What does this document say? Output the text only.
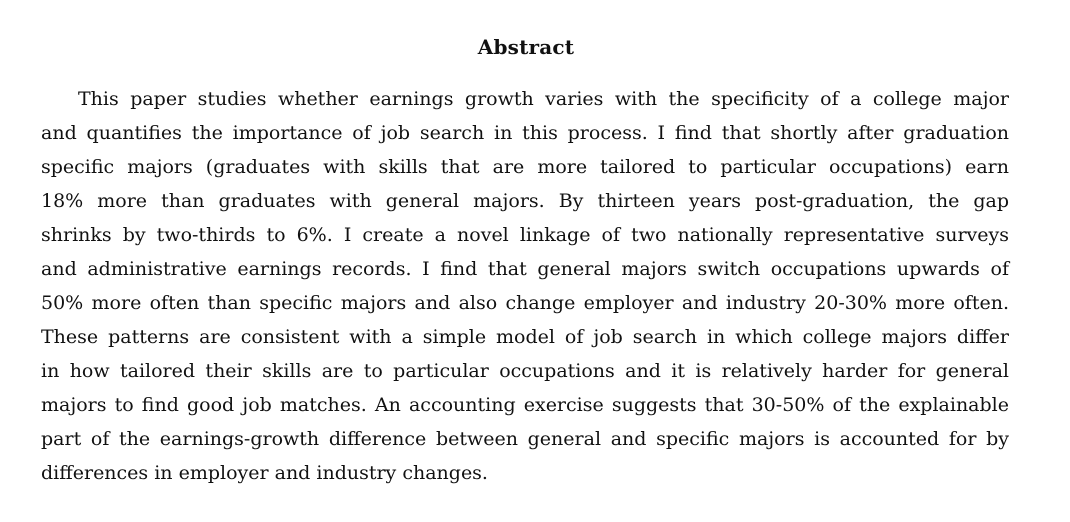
Abstract
This paper studies whether earnings growth varies with the specificity of a college major
and quantifies the importance of job search in this process. I find that shortly after graduation
specific majors (graduates with skills that are more tailored to particular occupations) earn
18% more than graduates with general majors. By thirteen years post-graduation, the gap
shrinks by two-thirds to 6%. I create a novel linkage of two nationally representative surveys
and administrative earnings records. I find that general majors switch occupations upwards of
50% more often than specific majors and also change employer and industry 20-30% more often.
These patterns are consistent with a simple model of job search in which college majors differ
in how tailored their skills are to particular occupations and it is relatively harder for general
majors to find good job matches. An accounting exercise suggests that 30-50% of the explainable
part of the earnings-growth difference between general and specific majors is accounted for by
differences in employer and industry changes.
